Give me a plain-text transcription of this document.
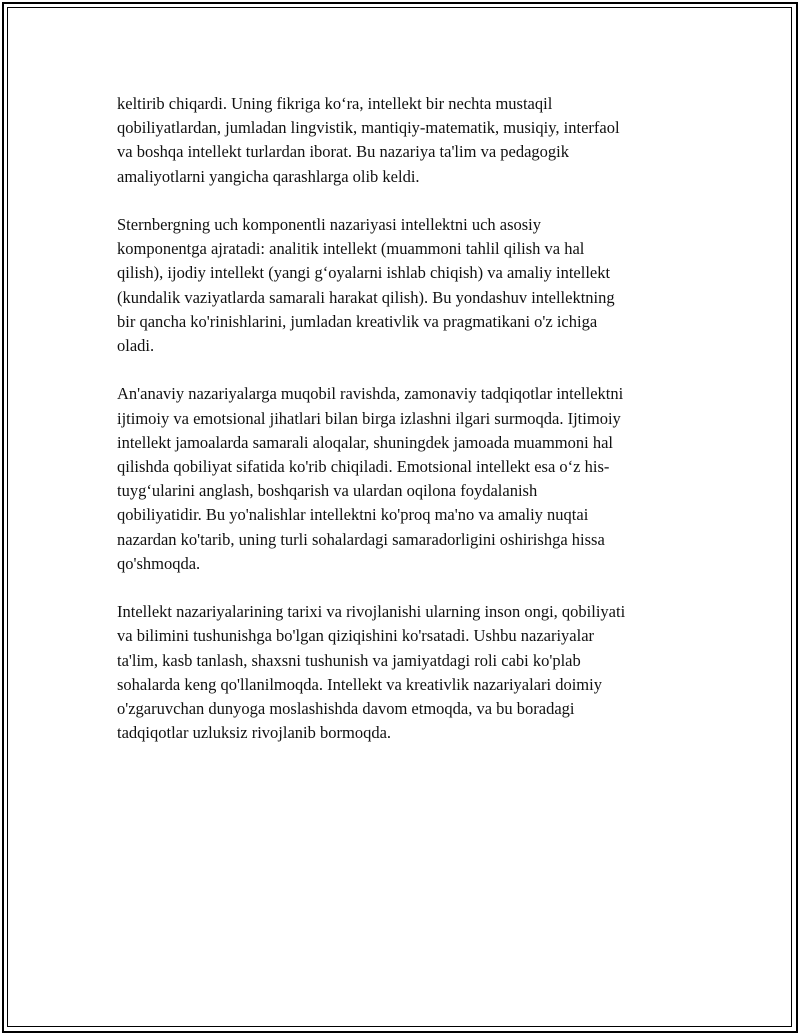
keltirib chiqardi. Uning fikriga ko‘ra, intellekt bir nechta mustaqil
qobiliyatlardan, jumladan lingvistik, mantiqiy-matematik, musiqiy, interfaol
va boshqa intellekt turlardan iborat. Bu nazariya ta'lim va pedagogik
amaliyotlarni yangicha qarashlarga olib keldi.

Sternbergning uch komponentli nazariyasi intellektni uch asosiy
komponentga ajratadi: analitik intellekt (muammoni tahlil qilish va hal
qilish), ijodiy intellekt (yangi g‘oyalarni ishlab chiqish) va amaliy intellekt
(kundalik vaziyatlarda samarali harakat qilish). Bu yondashuv intellektning
bir qancha ko'rinishlarini, jumladan kreativlik va pragmatikani o'z ichiga
oladi.

An'anaviy nazariyalarga muqobil ravishda, zamonaviy tadqiqotlar intellektni
ijtimoiy va emotsional jihatlari bilan birga izlashni ilgari surmoqda. Ijtimoiy
intellekt jamoalarda samarali aloqalar, shuningdek jamoada muammoni hal
qilishda qobiliyat sifatida ko'rib chiqiladi. Emotsional intellekt esa o‘z his-
tuyg‘ularini anglash, boshqarish va ulardan oqilona foydalanish
qobiliyatidir. Bu yo'nalishlar intellektni ko'proq ma'no va amaliy nuqtai
nazardan ko'tarib, uning turli sohalardagi samaradorligini oshirishga hissa
qo'shmoqda.

Intellekt nazariyalarining tarixi va rivojlanishi ularning inson ongi, qobiliyati
va bilimini tushunishga bo'lgan qiziqishini ko'rsatadi. Ushbu nazariyalar
ta'lim, kasb tanlash, shaxsni tushunish va jamiyatdagi roli cabi ko'plab
sohalarda keng qo'llanilmoqda. Intellekt va kreativlik nazariyalari doimiy
o'zgaruvchan dunyoga moslashishda davom etmoqda, va bu boradagi
tadqiqotlar uzluksiz rivojlanib bormoqda.
